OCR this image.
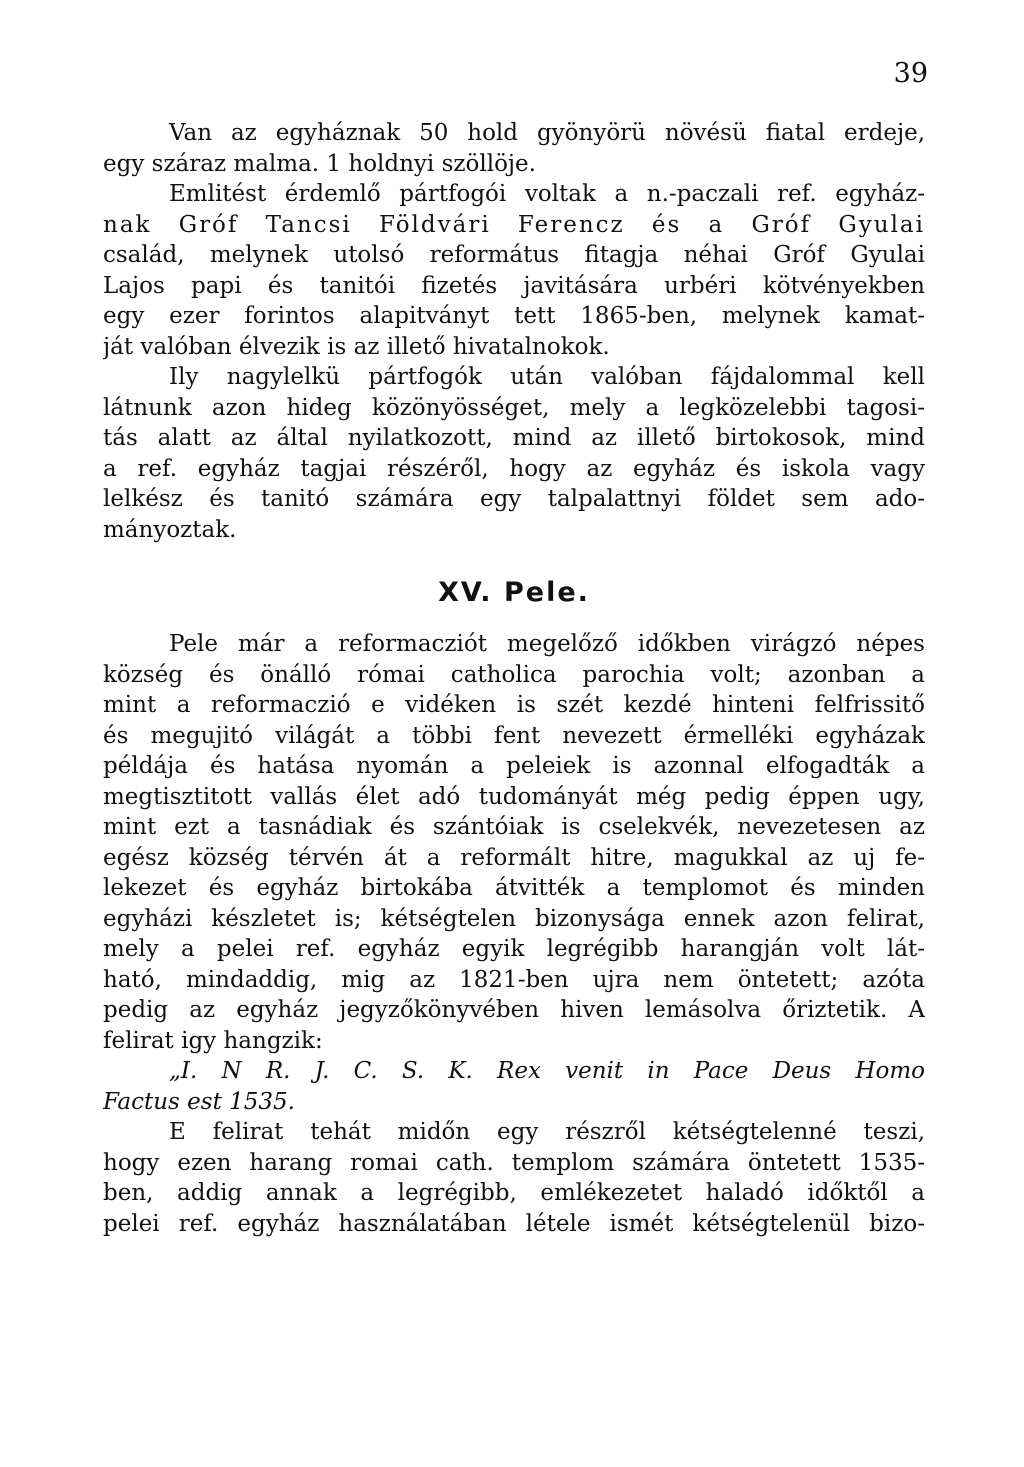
39
Van az egyháznak 50 hold gyönyörü növésü fiatal erdeje,
egy száraz malma. 1 holdnyi szöllöje.
Emlitést érdemlő pártfogói voltak a n.-paczali ref. egyház-
nak Gróf Tancsi Földvári Ferencz és a Gróf Gyulai
család, melynek utolsó református fitagja néhai Gróf Gyulai
Lajos papi és tanitói fizetés javitására urbéri kötvényekben
egy ezer forintos alapitványt tett 1865-ben, melynek kamat-
ját valóban élvezik is az illető hivatalnokok.
Ily nagylelkü pártfogók után valóban fájdalommal kell
látnunk azon hideg közönyösséget, mely a legközelebbi tagosi-
tás alatt az által nyilatkozott, mind az illető birtokosok, mind
a ref. egyház tagjai részéről, hogy az egyház és iskola vagy
lelkész és tanitó számára egy talpalattnyi földet sem ado-
mányoztak.
XV. Pele.
Pele már a reformacziót megelőző időkben virágzó népes
község és önálló római catholica parochia volt; azonban a
mint a reformaczió e vidéken is szét kezdé hinteni felfrissitő
és megujitó világát a többi fent nevezett érmelléki egyházak
példája és hatása nyomán a peleiek is azonnal elfogadták a
megtisztitott vallás élet adó tudományát még pedig éppen ugy,
mint ezt a tasnádiak és szántóiak is cselekvék, nevezetesen az
egész község térvén át a reformált hitre, magukkal az uj fe-
lekezet és egyház birtokába átvitték a templomot és minden
egyházi készletet is; kétségtelen bizonysága ennek azon felirat,
mely a pelei ref. egyház egyik legrégibb harangján volt lát-
ható, mindaddig, mig az 1821-ben ujra nem öntetett; azóta
pedig az egyház jegyzőkönyvében hiven lemásolva őriztetik. A
felirat igy hangzik:
„I. N R. J. C. S. K. Rex venit in Pace Deus Homo
Factus est 1535.
E felirat tehát midőn egy részről kétségtelenné teszi,
hogy ezen harang romai cath. templom számára öntetett 1535-
ben, addig annak a legrégibb, emlékezetet haladó időktől a
pelei ref. egyház használatában létele ismét kétségtelenül bizo-
